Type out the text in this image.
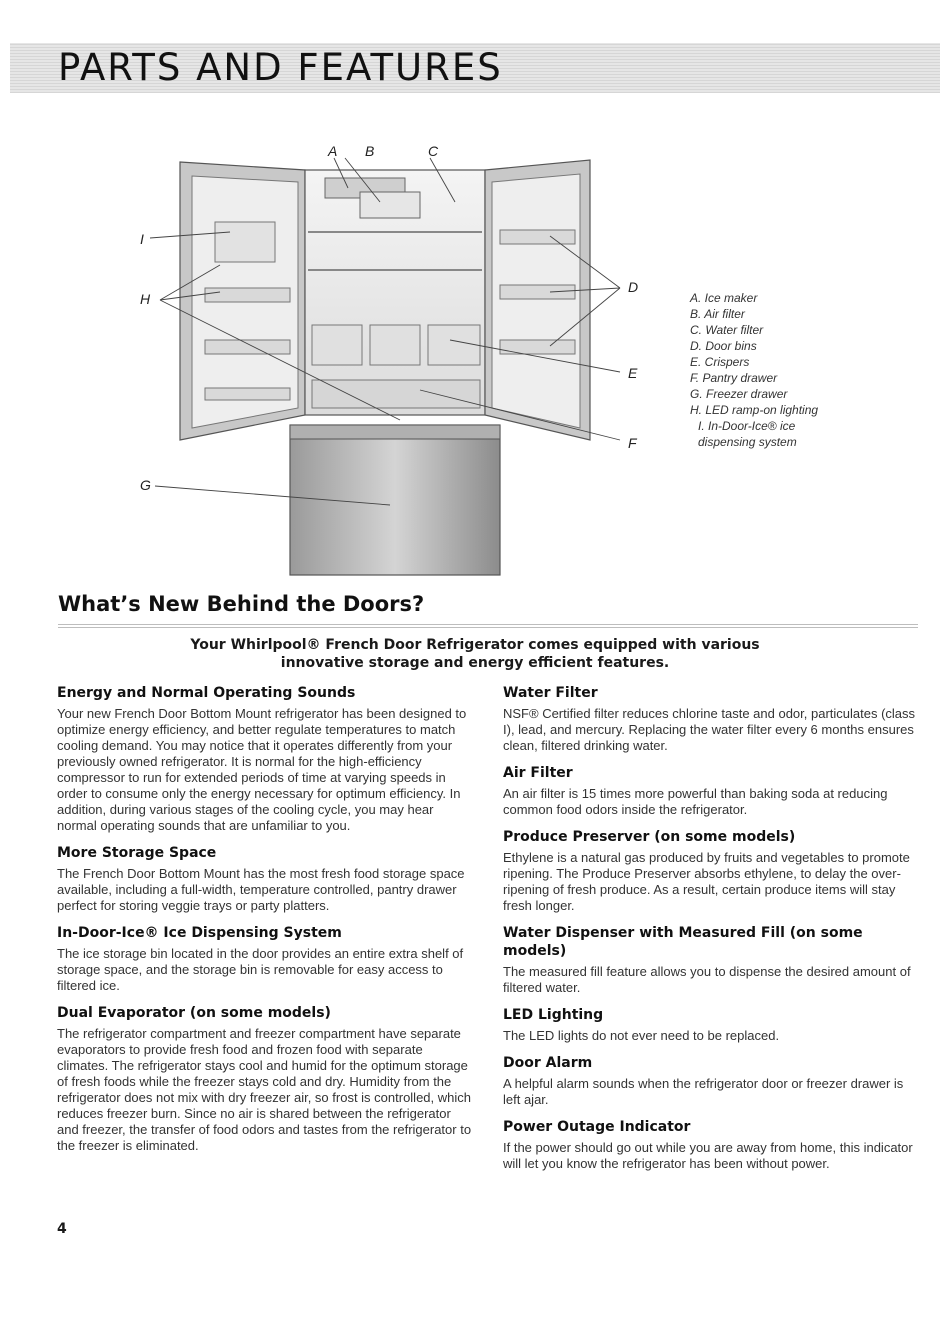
PARTS AND FEATURES
A B	C
D
E
F
G
H
I
A. Ice maker
B. Air filter
C. Water filter
D. Door bins
E. Crispers
F. Pantry drawer
G. Freezer drawer
H. LED ramp-on lighting
I. In-Door-Ice® ice
dispensing system
What’s New Behind the Doors?
Your Whirlpool® French Door Refrigerator comes equipped with various
innovative storage and energy efficient features.
Energy and Normal Operating Sounds

Your new French Door Bottom Mount refrigerator has been designed to optimize energy efficiency, and better regulate temperatures to match cooling demand. You may notice that it operates differently from your previously owned refrigerator. It is normal for the high-efficiency compressor to run for extended periods of time at varying speeds in order to consume only the energy necessary for optimum efficiency. In addition, during various stages of the cooling cycle, you may hear normal operating sounds that are unfamiliar to you.

More Storage Space

The French Door Bottom Mount has the most fresh food storage space available, including a full-width, temperature controlled, pantry drawer perfect for storing veggie trays or party platters.

In-Door-Ice® Ice Dispensing System

The ice storage bin located in the door provides an entire extra shelf of storage space, and the storage bin is removable for easy access to filtered ice.

Dual Evaporator (on some models)

The refrigerator compartment and freezer compartment have separate evaporators to provide fresh food and frozen food with separate climates. The refrigerator stays cool and humid for the optimum storage of fresh foods while the freezer stays cold and dry. Humidity from the refrigerator does not mix with dry freezer air, so frost is controlled, which reduces freezer burn. Since no air is shared between the refrigerator and freezer, the transfer of food odors and tastes from the refrigerator to the freezer is eliminated.

Water Filter

NSF® Certified filter reduces chlorine taste and odor, particulates (class I), lead, and mercury. Replacing the water filter every 6 months ensures clean, filtered drinking water.

Air Filter

An air filter is 15 times more powerful than baking soda at reducing common food odors inside the refrigerator.

Produce Preserver (on some models)

Ethylene is a natural gas produced by fruits and vegetables to promote ripening. The Produce Preserver absorbs ethylene, to delay the over-ripening of fresh produce. As a result, certain produce items will stay fresh longer.

Water Dispenser with Measured Fill (on some models)

The measured fill feature allows you to dispense the desired amount of filtered water.

LED Lighting

The LED lights do not ever need to be replaced.

Door Alarm

A helpful alarm sounds when the refrigerator door or freezer drawer is left ajar.

Power Outage Indicator

If the power should go out while you are away from home, this indicator will let you know the refrigerator has been without power.

4
